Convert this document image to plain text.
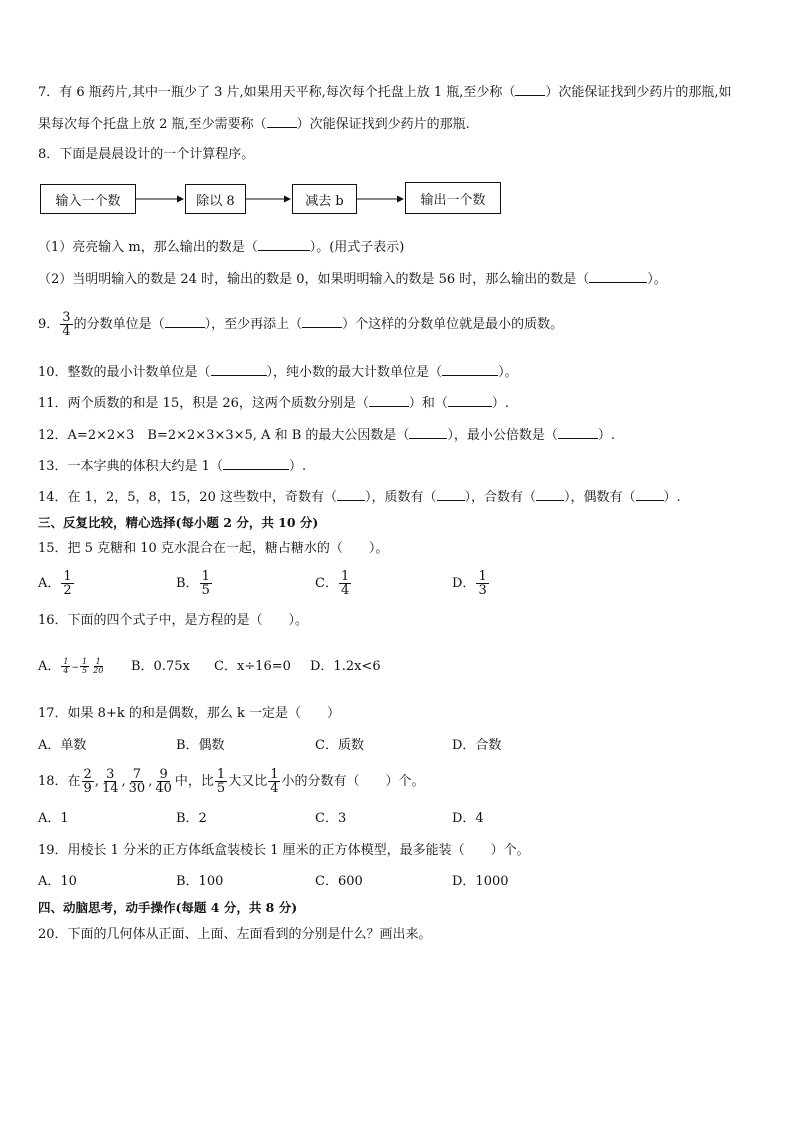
7．有 6 瓶药片,其中一瓶少了 3 片,如果用天平称,每次每个托盘上放 1 瓶,至少称（ ）次能保证找到少药片的那瓶,如
果每次每个托盘上放 2 瓶,至少需要称（ ）次能保证找到少药片的那瓶.
8．下面是晨晨设计的一个计算程序。
输入一个数	除以 8	减去 b	输出一个数
（1）亮亮输入 m，那么输出的数是（	）。(用式子表示)
（2）当明明输入的数是 24 时，输出的数是 0，如果明明输入的数是 56 时，那么输出的数是（	）。
9． $\frac{3}{4}$ 的分数单位是（	），至少再添上（	）个这样的分数单位就是最小的质数。
10．整数的最小计数单位是（	），纯小数的最大计数单位是（	）。
11．两个质数的和是 15，积是 26，这两个质数分别是（	）和（	）.
12．A=2×2×3　B=2×2×3×3×5, A 和 B 的最大公因数是（	），最小公倍数是（	）.
13．一本字典的体积大约是 1（	）.
14．在 1，2，5，8，15，20 这些数中，奇数有（ ），质数有（ ），合数有（ ），偶数有（ ）.
三、反复比较，精心选择(每小题 2 分，共 10 分)
15．把 5 克糖和 10 克水混合在一起，糖占糖水的（　　）。
A． $\frac{1}{2}$	B． $\frac{1}{5}$	C． $\frac{1}{4}$	D． $\frac{1}{3}$
16．下面的四个式子中，是方程的是（　　）。
A． $\frac{1}{4} - \frac{1}{5} \frac{1}{20}$ B．0.75x C．x÷16=0 D．1.2x<6
17．如果 8+k 的和是偶数，那么 k 一定是（　　）
A．单数	B．偶数	C．质数	D．合数
18．在 $\frac{2}{9}$ , $\frac{3}{14}$ , $\frac{7}{30}$ , $\frac{9}{40}$ 中，比 $\frac{1}{5}$ 大又比 $\frac{1}{4}$ 小的分数有（　　）个。
A．1	B．2	C．3	D．4
19．用棱长 1 分米的正方体纸盒装棱长 1 厘米的正方体模型，最多能装（　　）个。
A．10	B．100	C．600	D．1000
四、动脑思考，动手操作(每题 4 分，共 8 分)
20．下面的几何体从正面、上面、左面看到的分别是什么？画出来。
